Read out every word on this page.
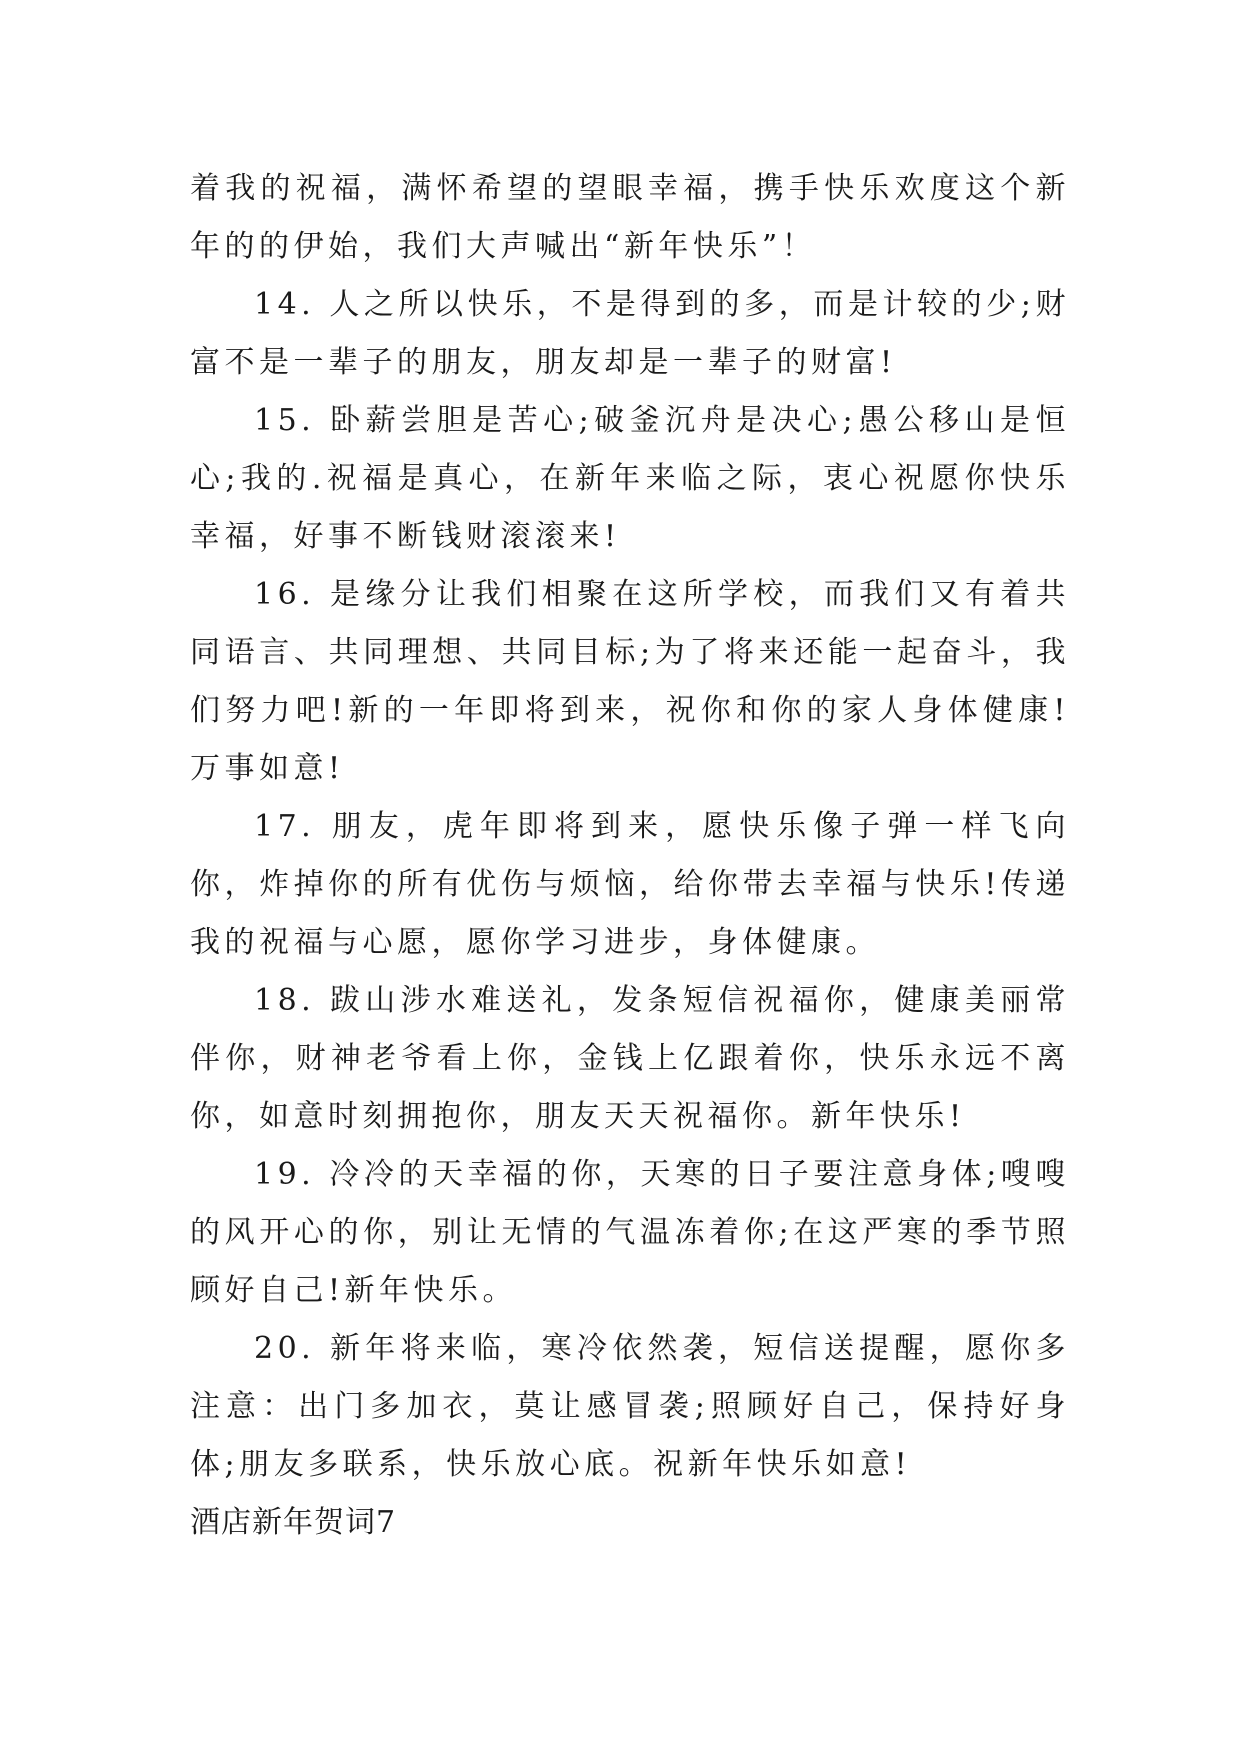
着我的祝福，满怀希望的望眼幸福，携手快乐欢度这个新年的的伊始，我们大声喊出“新年快乐”！

14. 人之所以快乐，不是得到的多，而是计较的少;财富不是一辈子的朋友，朋友却是一辈子的财富!

15. 卧薪尝胆是苦心;破釜沉舟是决心;愚公移山是恒心;我的.祝福是真心，在新年来临之际，衷心祝愿你快乐幸福，好事不断钱财滚滚来!

16. 是缘分让我们相聚在这所学校，而我们又有着共同语言、共同理想、共同目标;为了将来还能一起奋斗，我们努力吧!新的一年即将到来，祝你和你的家人身体健康!万事如意!

17. 朋友，虎年即将到来，愿快乐像子弹一样飞向你，炸掉你的所有优伤与烦恼，给你带去幸福与快乐!传递我的祝福与心愿，愿你学习进步，身体健康。

18. 跋山涉水难送礼，发条短信祝福你，健康美丽常伴你，财神老爷看上你，金钱上亿跟着你，快乐永远不离你，如意时刻拥抱你，朋友天天祝福你。新年快乐!

19. 冷冷的天幸福的你，天寒的日子要注意身体;嗖嗖的风开心的你，别让无情的气温冻着你;在这严寒的季节照顾好自己!新年快乐。

20. 新年将来临，寒冷依然袭，短信送提醒，愿你多注意：出门多加衣，莫让感冒袭;照顾好自己，保持好身体;朋友多联系，快乐放心底。祝新年快乐如意!

酒店新年贺词7
